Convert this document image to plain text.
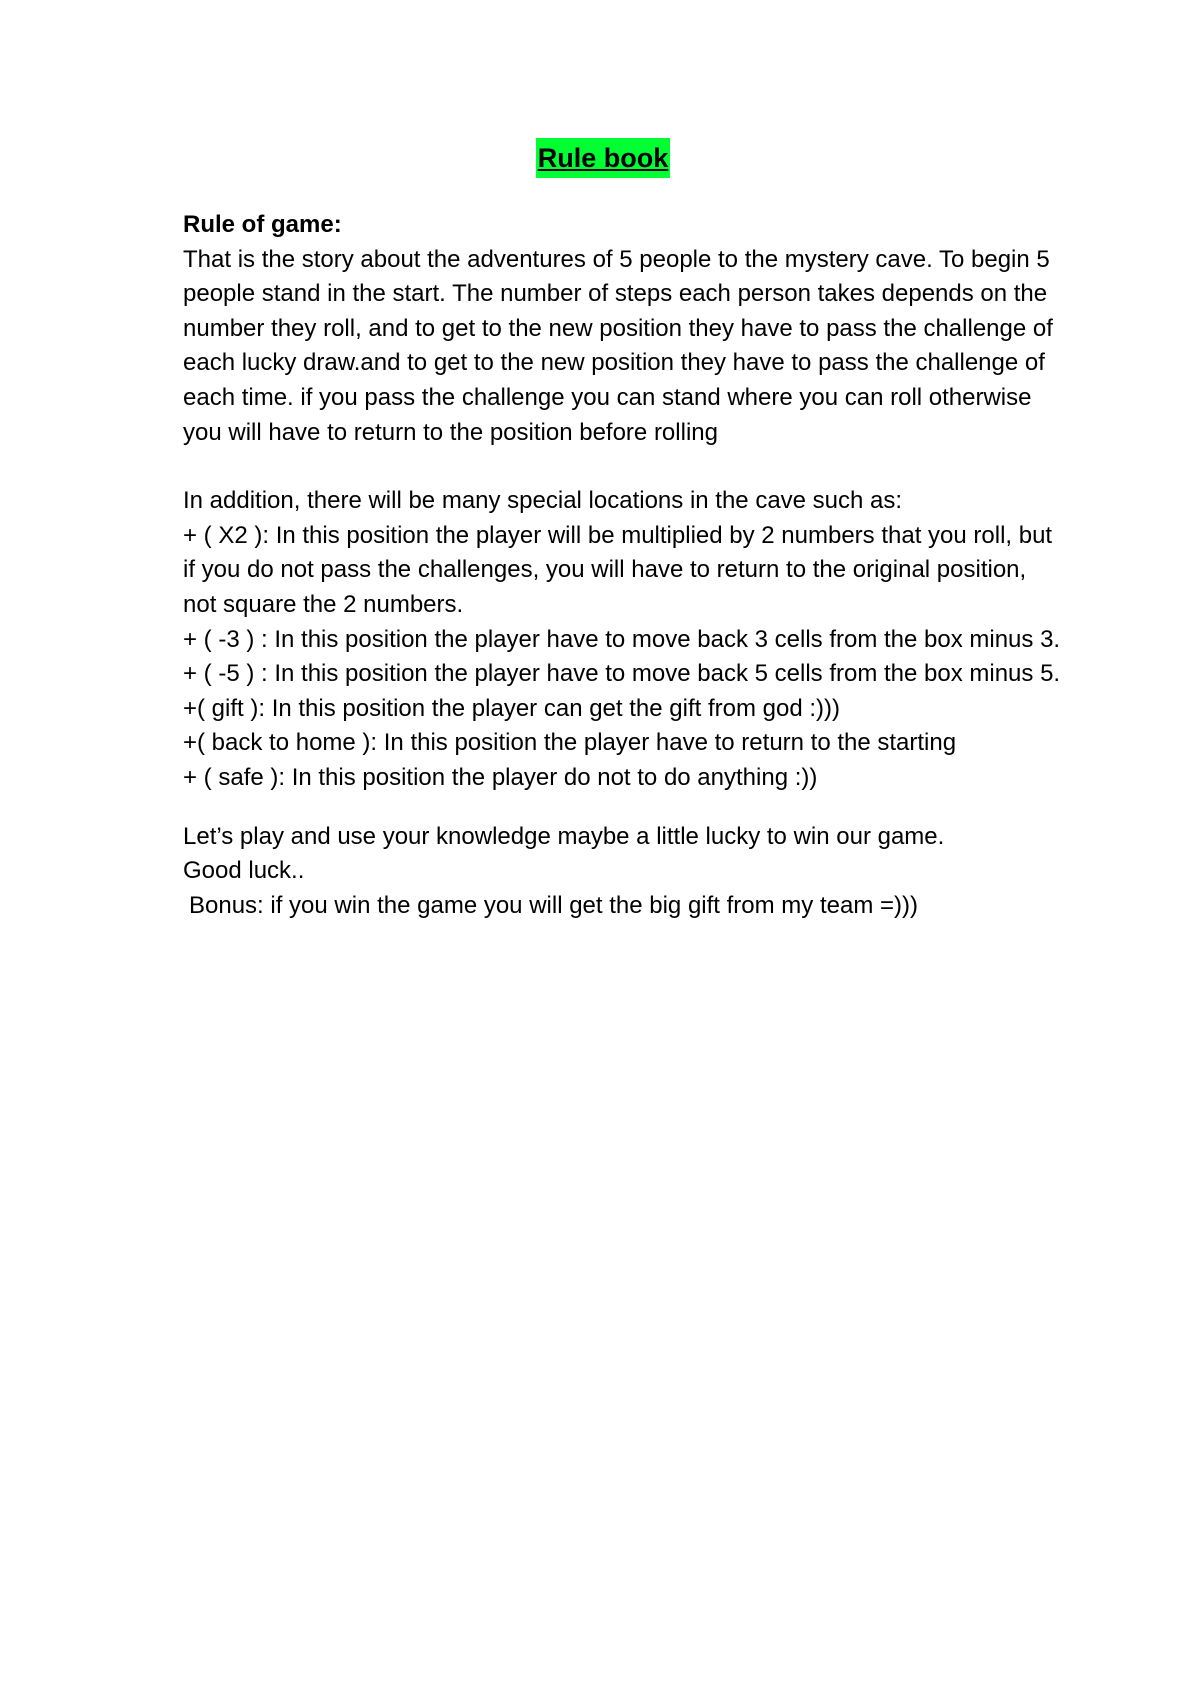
Rule book
Rule of game:

That is the story about the adventures of 5 people to the mystery cave. To begin 5 people stand in the start. The number of steps each person takes depends on the number they roll, and to get to the new position they have to pass the challenge of each lucky draw.and to get to the new position they have to pass the challenge of each time. if you pass the challenge you can stand where you can roll otherwise you will have to return to the position before rolling

In addition, there will be many special locations in the cave such as:

+ ( X2 ): In this position the player will be multiplied by 2 numbers that you roll, but if you do not pass the challenges, you will have to return to the original position, not square the 2 numbers.

+ ( -3 ) : In this position the player have to move back 3 cells from the box minus 3.

+ ( -5 ) : In this position the player have to move back 5 cells from the box minus 5.

+( gift ): In this position the player can get the gift from god :)))

+( back to home ): In this position the player have to return to the starting

+ ( safe ): In this position the player do not to do anything :))

Let’s play and use your knowledge maybe a little lucky to win our game.
Good luck..
Bonus: if you win the game you will get the big gift from my team =)))
